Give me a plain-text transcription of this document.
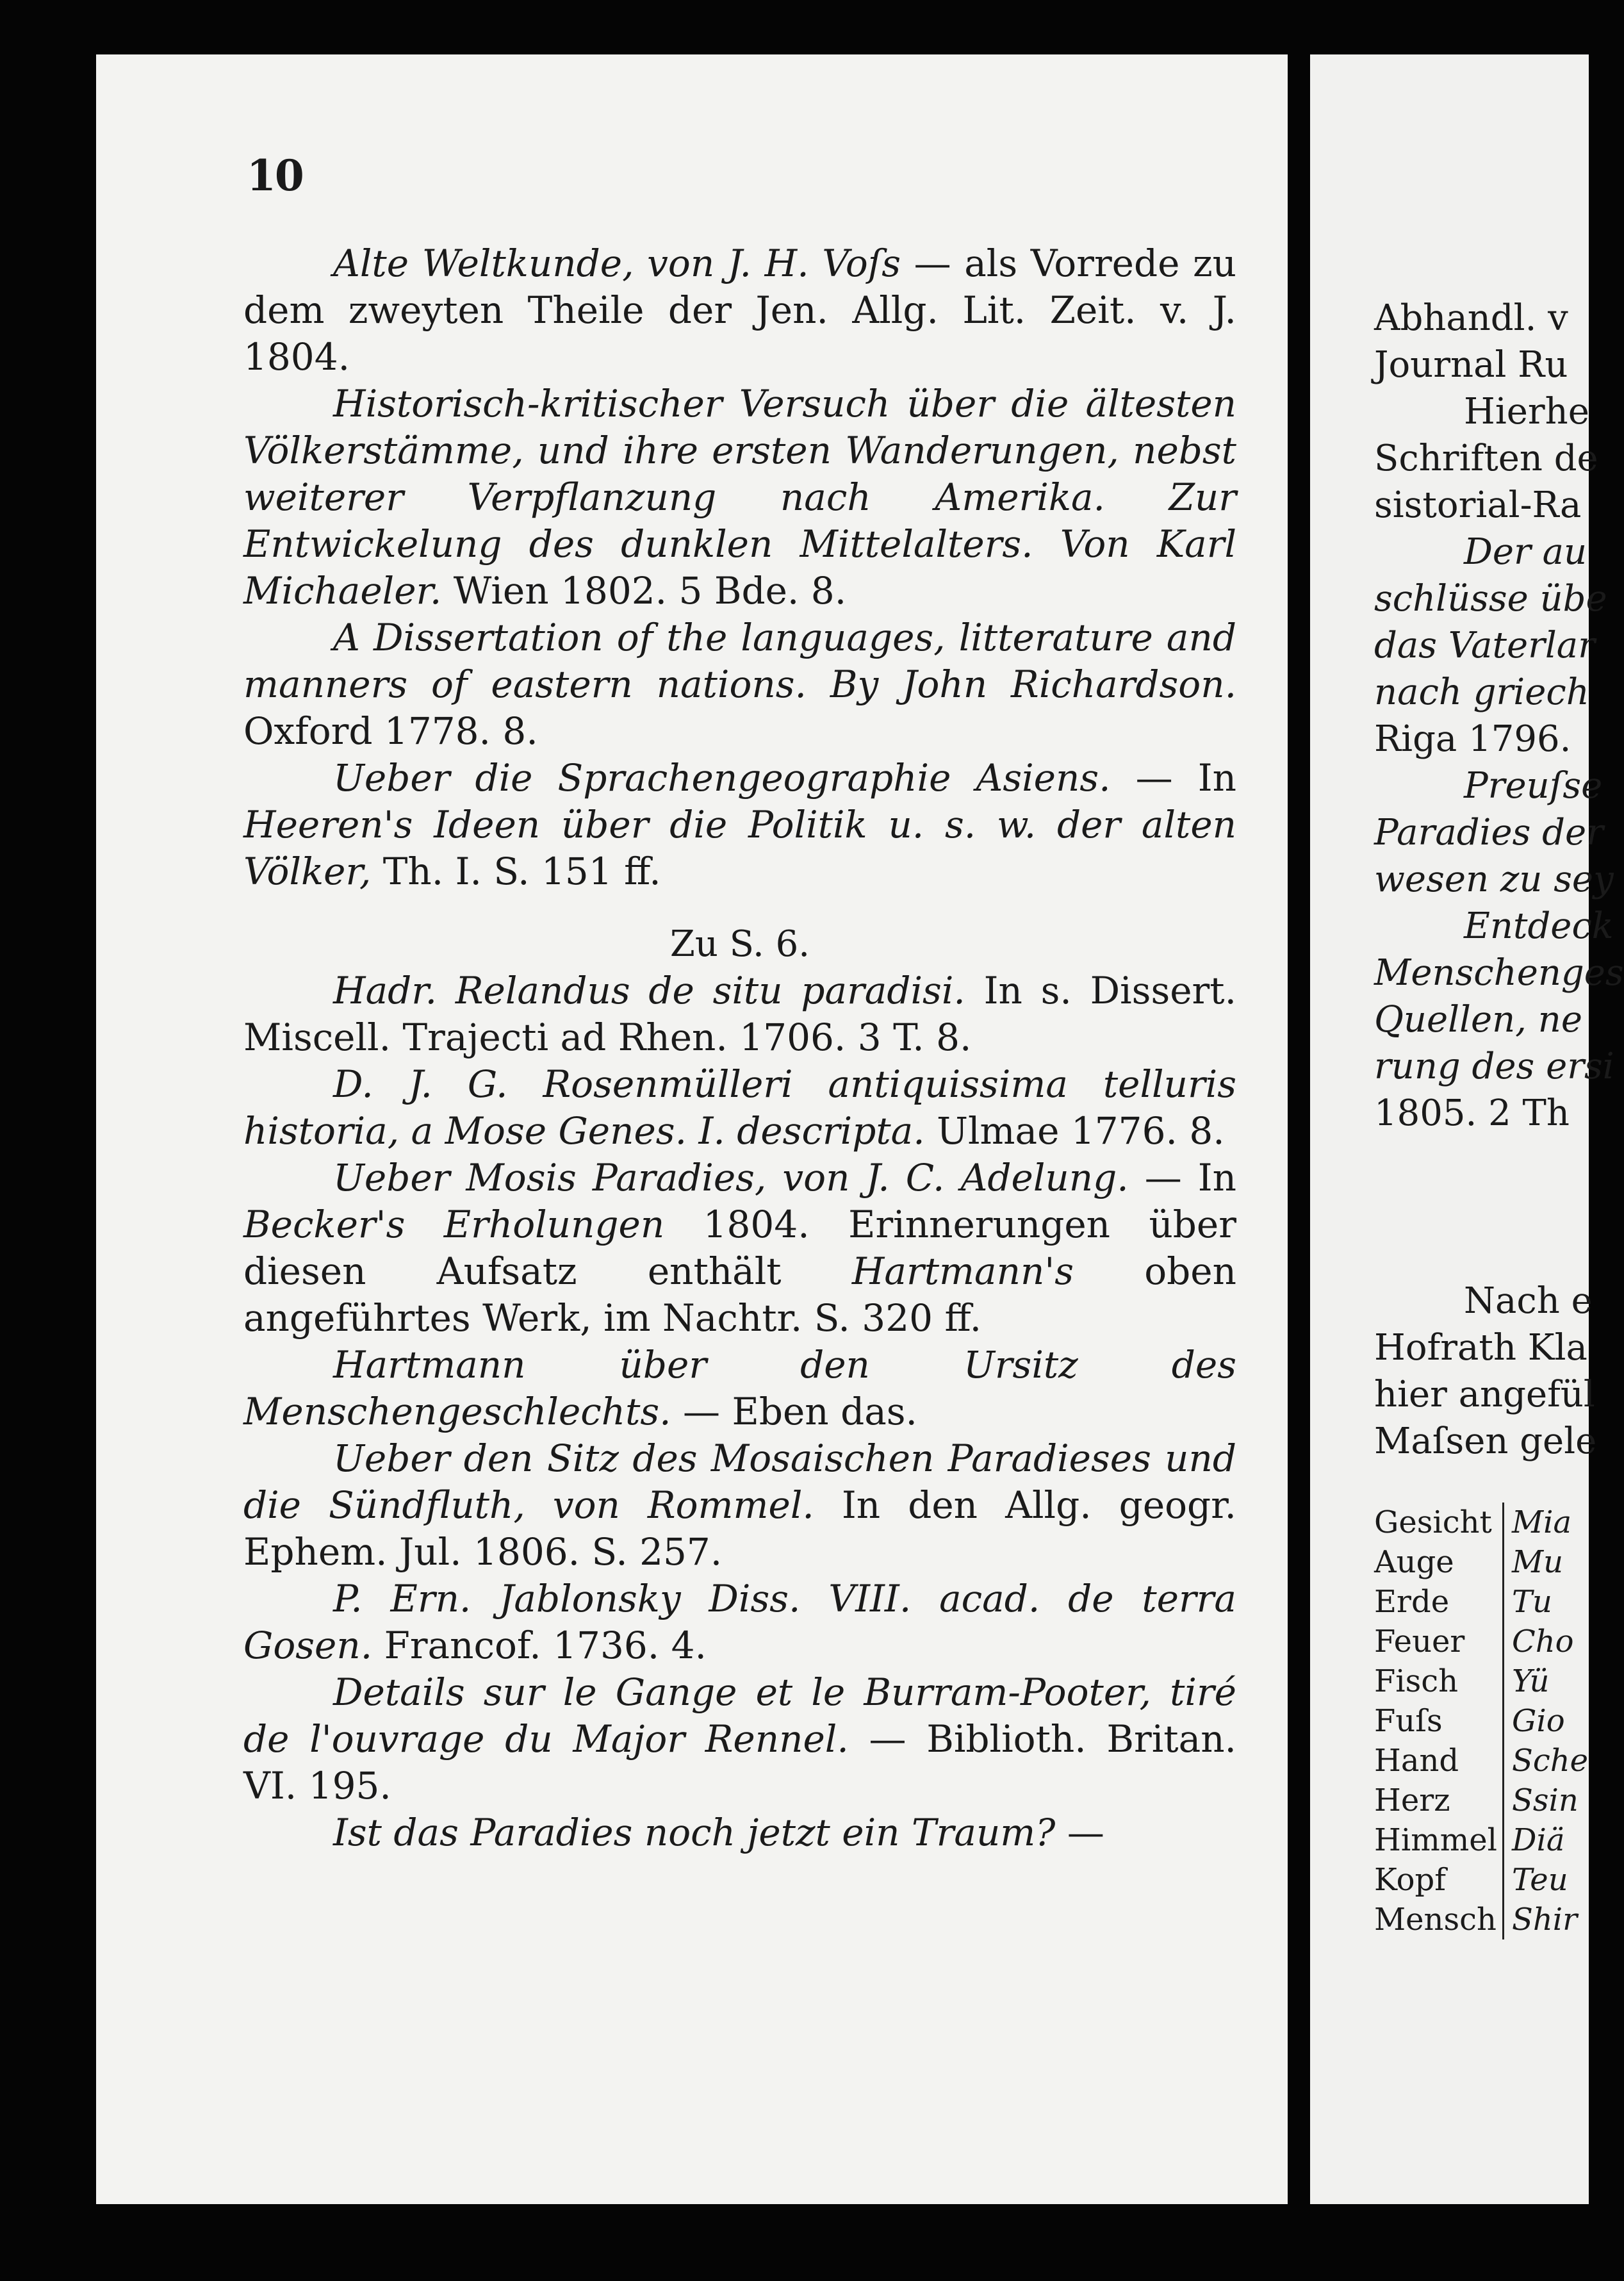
10

Alte Weltkunde, von J. H. Voſs — als Vorrede zu dem zweyten Theile der Jen. Allg. Lit. Zeit. v. J. 1804.

Historisch-kritischer Versuch über die ältesten Völkerstämme, und ihre ersten Wanderungen, nebst weiterer Verpflanzung nach Amerika. Zur Entwickelung des dunklen Mittelalters. Von Karl Michaeler. Wien 1802. 5 Bde. 8.

A Dissertation of the languages, litterature and manners of eastern nations. By John Richardson. Oxford 1778. 8.

Ueber die Sprachengeographie Asiens. — In Heeren's Ideen über die Politik u. s. w. der alten Völker, Th. I. S. 151 ff.

Zu S. 6.

Hadr. Relandus de situ paradisi. In s. Dissert. Miscell. Trajecti ad Rhen. 1706. 3 T. 8.

D. J. G. Rosenmülleri antiquissima telluris historia, a Mose Genes. I. descripta. Ulmae 1776. 8.

Ueber Mosis Paradies, von J. C. Adelung. — In Becker's Erholungen 1804. Erinnerungen über diesen Aufsatz enthält Hartmann's oben angeführtes Werk, im Nachtr. S. 320 ff.

Hartmann über den Ursitz des Menschengeschlechts. — Eben das.

Ueber den Sitz des Mosaischen Paradieses und die Sündfluth, von Rommel. In den Allg. geogr. Ephem. Jul. 1806. S. 257.

P. Ern. Jablonsky Diss. VIII. acad. de terra Gosen. Francof. 1736. 4.

Details sur le Gange et le Burram-Pooter, tiré de l'ouvrage du Major Rennel. — Biblioth. Britan. VI. 195.

Ist das Paradies noch jetzt ein Traum? —

Abhandl. v
Journal Ru
Hierhe
Schriften de
sistorial-Ra
Der au
schlüsse übe
das Vaterlar
nach griech
Riga 1796.
Preuſse
Paradies der
wesen zu sey
Entdeck
Menschenges
Quellen, ne
rung des ersi
1805. 2 Th
Nach e
Hofrath Kla
hier angefül
Maſsen gele
Gesicht	Mia
Auge	Mu
Erde	Tu
Feuer	Cho
Fisch	Yü
Fuſs	Gio
Hand	Sche
Herz	Ssin
Himmel	Diä
Kopf	Teu
Mensch	Shir
